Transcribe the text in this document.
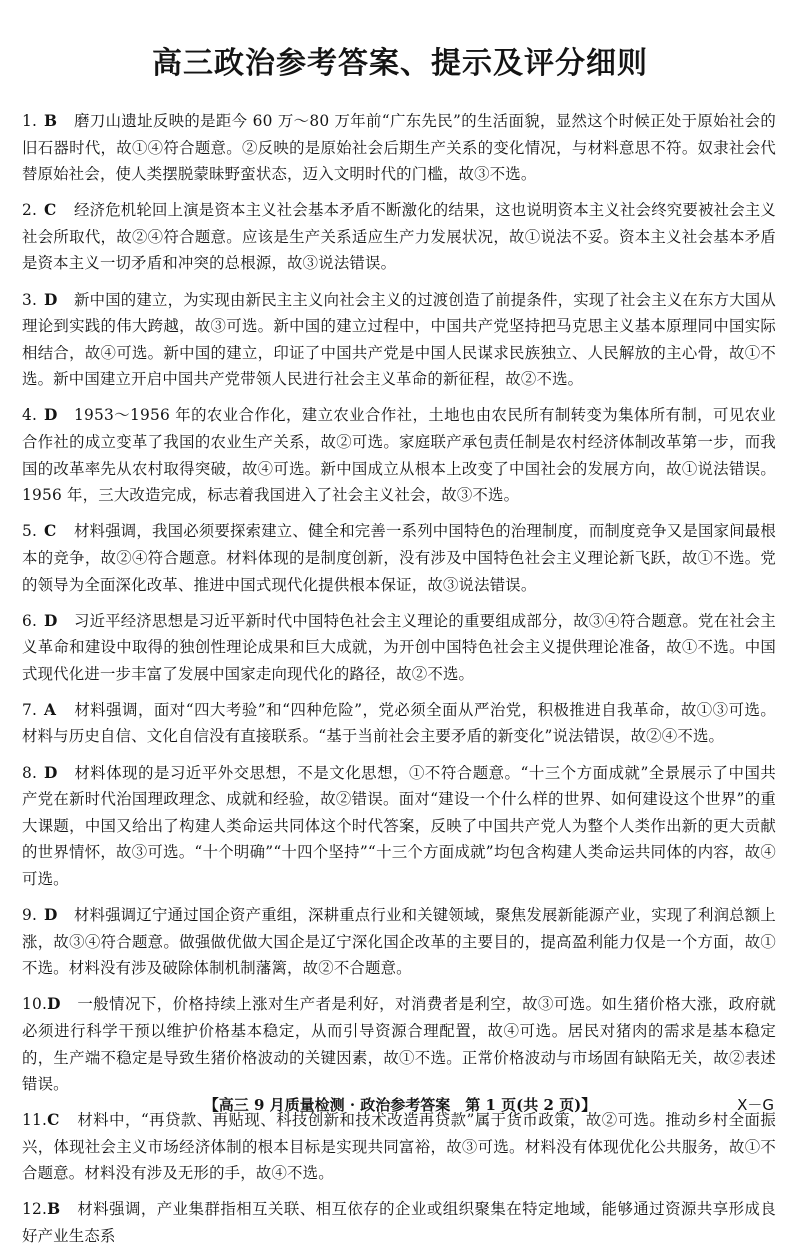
高三政治参考答案、提示及评分细则
1. B 磨刀山遗址反映的是距今 60 万～80 万年前“广东先民”的生活面貌，显然这个时候正处于原始社会的旧石器时代，故①④符合题意。②反映的是原始社会后期生产关系的变化情况，与材料意思不符。奴隶社会代替原始社会，使人类摆脱蒙昧野蛮状态，迈入文明时代的门槛，故③不选。
2. C 经济危机轮回上演是资本主义社会基本矛盾不断激化的结果，这也说明资本主义社会终究要被社会主义社会所取代，故②④符合题意。应该是生产关系适应生产力发展状况，故①说法不妥。资本主义社会基本矛盾是资本主义一切矛盾和冲突的总根源，故③说法错误。
3. D 新中国的建立，为实现由新民主主义向社会主义的过渡创造了前提条件，实现了社会主义在东方大国从理论到实践的伟大跨越，故③可选。新中国的建立过程中，中国共产党坚持把马克思主义基本原理同中国实际相结合，故④可选。新中国的建立，印证了中国共产党是中国人民谋求民族独立、人民解放的主心骨，故①不选。新中国建立开启中国共产党带领人民进行社会主义革命的新征程，故②不选。
4. D 1953～1956 年的农业合作化，建立农业合作社，土地也由农民所有制转变为集体所有制，可见农业合作社的成立变革了我国的农业生产关系，故②可选。家庭联产承包责任制是农村经济体制改革第一步，而我国的改革率先从农村取得突破，故④可选。新中国成立从根本上改变了中国社会的发展方向，故①说法错误。1956 年，三大改造完成，标志着我国进入了社会主义社会，故③不选。
5. C 材料强调，我国必须要探索建立、健全和完善一系列中国特色的治理制度，而制度竞争又是国家间最根本的竞争，故②④符合题意。材料体现的是制度创新，没有涉及中国特色社会主义理论新飞跃，故①不选。党的领导为全面深化改革、推进中国式现代化提供根本保证，故③说法错误。
6. D 习近平经济思想是习近平新时代中国特色社会主义理论的重要组成部分，故③④符合题意。党在社会主义革命和建设中取得的独创性理论成果和巨大成就，为开创中国特色社会主义提供理论准备，故①不选。中国式现代化进一步丰富了发展中国家走向现代化的路径，故②不选。
7. A 材料强调，面对“四大考验”和“四种危险”，党必须全面从严治党，积极推进自我革命，故①③可选。材料与历史自信、文化自信没有直接联系。“基于当前社会主要矛盾的新变化”说法错误，故②④不选。
8. D 材料体现的是习近平外交思想，不是文化思想，①不符合题意。“十三个方面成就”全景展示了中国共产党在新时代治国理政理念、成就和经验，故②错误。面对“建设一个什么样的世界、如何建设这个世界”的重大课题，中国又给出了构建人类命运共同体这个时代答案，反映了中国共产党人为整个人类作出新的更大贡献的世界情怀，故③可选。“十个明确”“十四个坚持”“十三个方面成就”均包含构建人类命运共同体的内容，故④可选。
9. D 材料强调辽宁通过国企资产重组，深耕重点行业和关键领域，聚焦发展新能源产业，实现了利润总额上涨，故③④符合题意。做强做优做大国企是辽宁深化国企改革的主要目的，提高盈利能力仅是一个方面，故①不选。材料没有涉及破除体制机制藩篱，故②不合题意。
10.D 一般情况下，价格持续上涨对生产者是利好，对消费者是利空，故③可选。如生猪价格大涨，政府就必须进行科学干预以维护价格基本稳定，从而引导资源合理配置，故④可选。居民对猪肉的需求是基本稳定的，生产端不稳定是导致生猪价格波动的关键因素，故①不选。正常价格波动与市场固有缺陷无关，故②表述错误。
11.C 材料中，“再贷款、再贴现、科技创新和技术改造再贷款”属于货币政策，故②可选。推动乡村全面振兴，体现社会主义市场经济体制的根本目标是实现共同富裕，故③可选。材料没有体现优化公共服务，故①不合题意。材料没有涉及无形的手，故④不选。
12.B 材料强调，产业集群指相互关联、相互依存的企业或组织聚集在特定地域，能够通过资源共享形成良好产业生态系
【高三 9 月质量检测 · 政治参考答案　第 1 页(共 2 页)】	X－G
